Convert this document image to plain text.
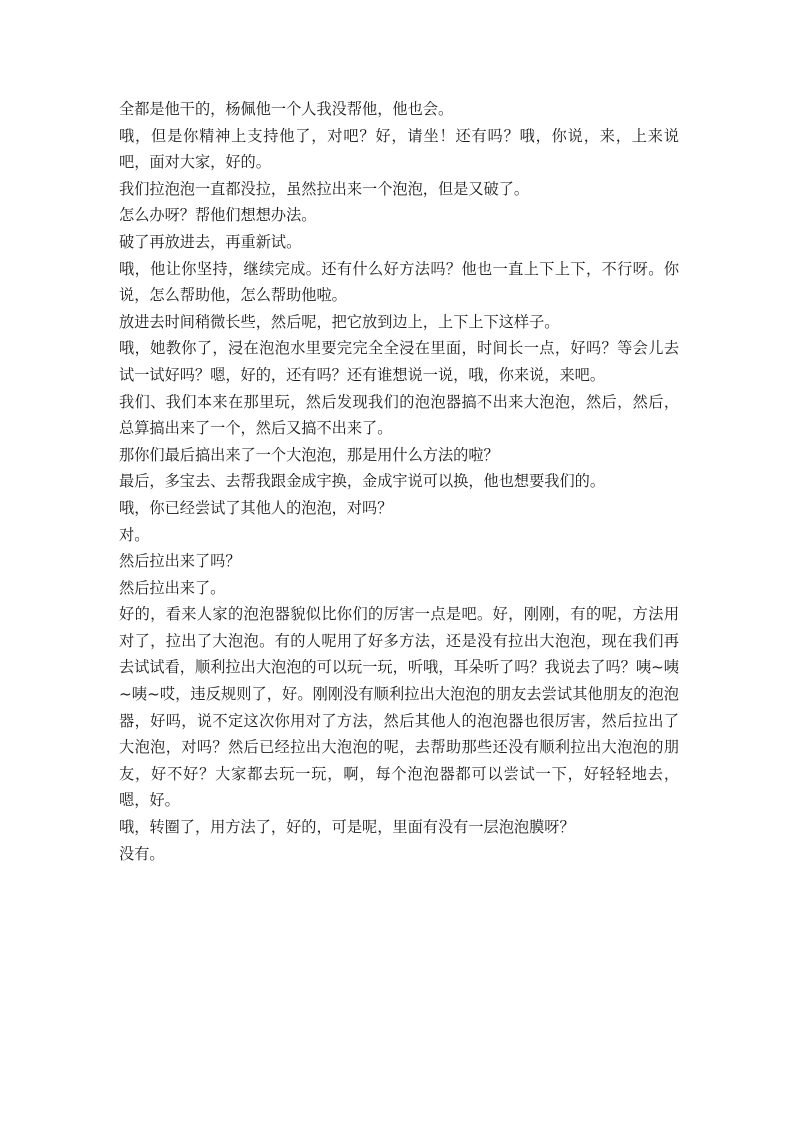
全都是他干的，杨佩他一个人我没帮他，他也会。

哦，但是你精神上支持他了，对吧？好，请坐！还有吗？哦，你说，来，上来说吧，面对大家，好的。

我们拉泡泡一直都没拉，虽然拉出来一个泡泡，但是又破了。

怎么办呀？帮他们想想办法。

破了再放进去，再重新试。

哦，他让你坚持，继续完成。还有什么好方法吗？他也一直上下上下，不行呀。你说，怎么帮助他，怎么帮助他啦。

放进去时间稍微长些，然后呢，把它放到边上，上下上下这样子。

哦，她教你了，浸在泡泡水里要完完全全浸在里面，时间长一点，好吗？等会儿去试一试好吗？嗯，好的，还有吗？还有谁想说一说，哦，你来说，来吧。

我们、我们本来在那里玩，然后发现我们的泡泡器搞不出来大泡泡，然后，然后，总算搞出来了一个，然后又搞不出来了。

那你们最后搞出来了一个大泡泡，那是用什么方法的啦？

最后，多宝去、去帮我跟金成宇换，金成宇说可以换，他也想要我们的。

哦，你已经尝试了其他人的泡泡，对吗？

对。

然后拉出来了吗？

然后拉出来了。

好的，看来人家的泡泡器貌似比你们的厉害一点是吧。好，刚刚，有的呢，方法用对了，拉出了大泡泡。有的人呢用了好多方法，还是没有拉出大泡泡，现在我们再去试试看，顺利拉出大泡泡的可以玩一玩，听哦，耳朵听了吗？我说去了吗？咦~咦~咦~哎，违反规则了，好。刚刚没有顺利拉出大泡泡的朋友去尝试其他朋友的泡泡器，好吗，说不定这次你用对了方法，然后其他人的泡泡器也很厉害，然后拉出了大泡泡，对吗？然后已经拉出大泡泡的呢，去帮助那些还没有顺利拉出大泡泡的朋友，好不好？大家都去玩一玩，啊，每个泡泡器都可以尝试一下，好轻轻地去，嗯，好。

哦，转圈了，用方法了，好的，可是呢，里面有没有一层泡泡膜呀？

没有。
